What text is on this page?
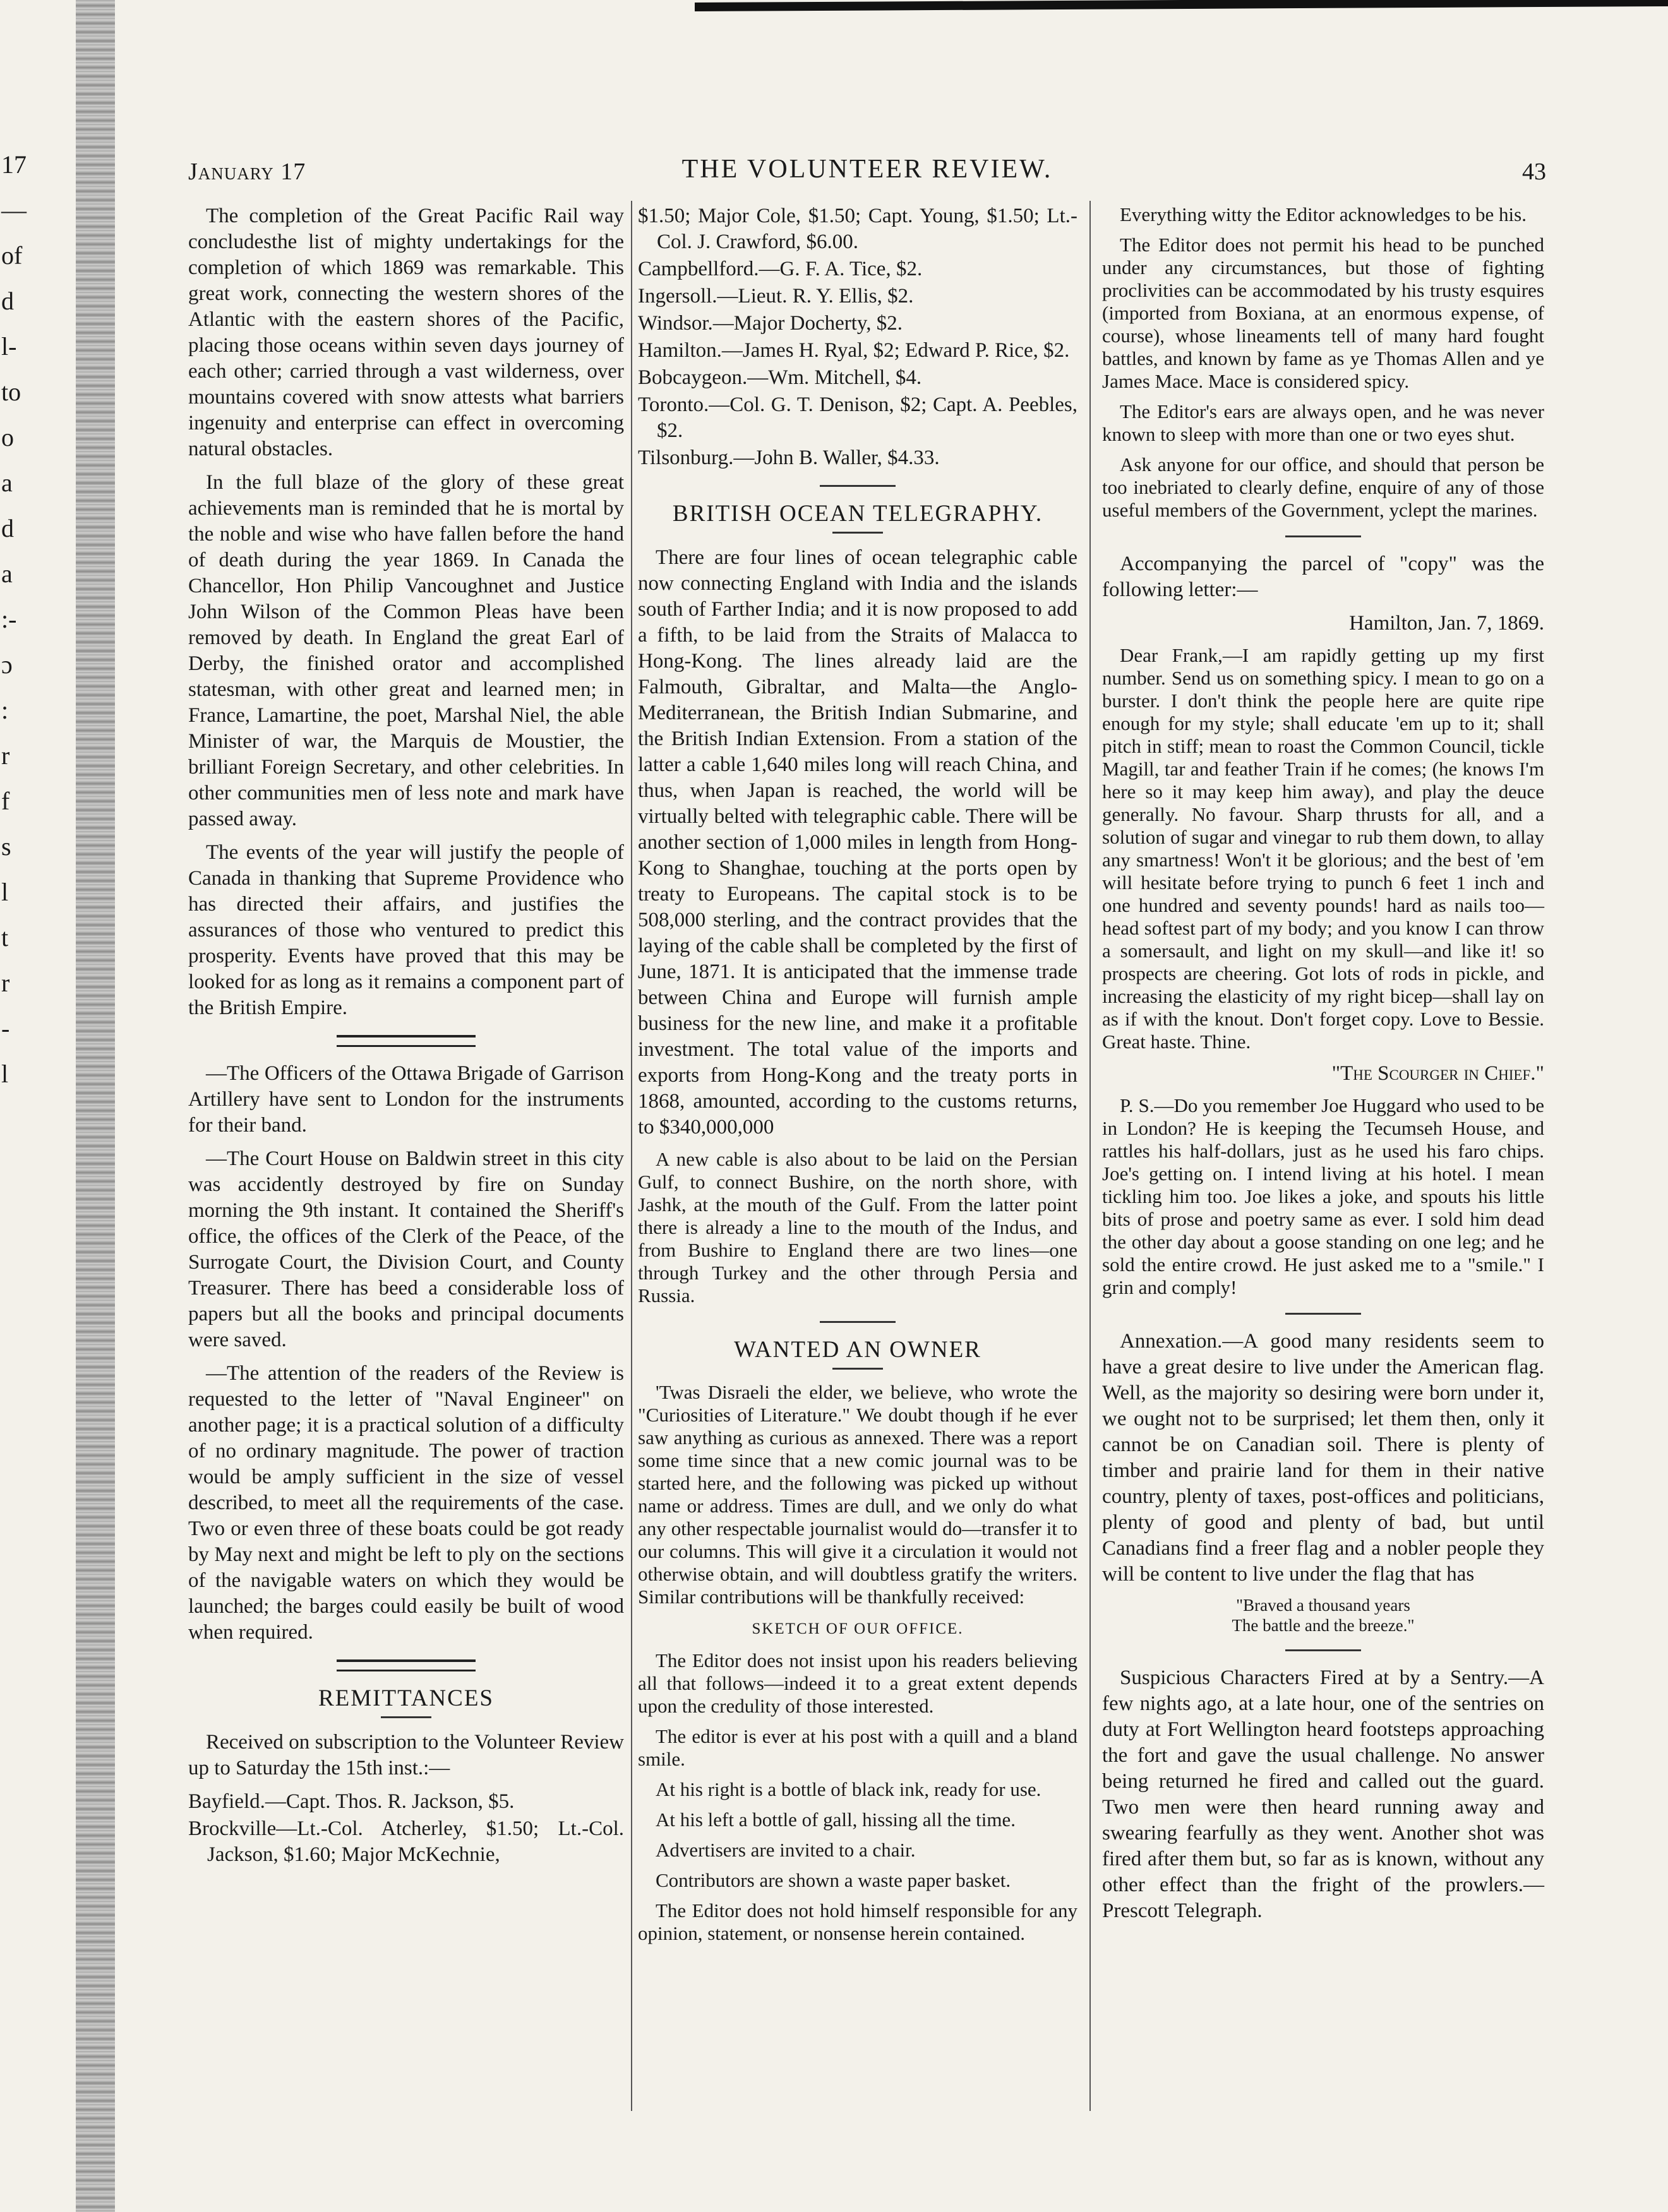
17
—
of
d
l-
to
o
a
d
a
:-
ɔ
:
r
f
s
l
t
r
-
l
January 17	THE VOLUNTEER REVIEW.	43

The completion of the Great Pacific Rail way concludesthe list of mighty undertakings for the completion of which 1869 was remarkable. This great work, connecting the western shores of the Atlantic with the eastern shores of the Pacific, placing those oceans within seven days journey of each other; carried through a vast wilderness, over mountains covered with snow attests what barriers ingenuity and enterprise can effect in overcoming natural obstacles.

In the full blaze of the glory of these great achievements man is reminded that he is mortal by the noble and wise who have fallen before the hand of death during the year 1869. In Canada the Chancellor, Hon Philip Vancoughnet and Justice John Wilson of the Common Pleas have been removed by death. In England the great Earl of Derby, the finished orator and accomplished statesman, with other great and learned men; in France, Lamartine, the poet, Marshal Niel, the able Minister of war, the Marquis de Moustier, the brilliant Foreign Secretary, and other celebrities. In other communities men of less note and mark have passed away.

The events of the year will justify the people of Canada in thanking that Supreme Providence who has directed their affairs, and justifies the assurances of those who ventured to predict this prosperity. Events have proved that this may be looked for as long as it remains a component part of the British Empire.

—The Officers of the Ottawa Brigade of Garrison Artillery have sent to London for the instruments for their band.

—The Court House on Baldwin street in this city was accidently destroyed by fire on Sunday morning the 9th instant. It contained the Sheriff's office, the offices of the Clerk of the Peace, of the Surrogate Court, the Division Court, and County Treasurer. There has beed a considerable loss of papers but all the books and principal documents were saved.

—The attention of the readers of the Review is requested to the letter of "Naval Engineer" on another page; it is a practical solution of a difficulty of no ordinary magnitude. The power of traction would be amply sufficient in the size of vessel described, to meet all the requirements of the case. Two or even three of these boats could be got ready by May next and might be left to ply on the sections of the navigable waters on which they would be launched; the barges could easily be built of wood when required.

REMITTANCES

Received on subscription to the Volunteer Review up to Saturday the 15th inst.:—

Bayfield.—Capt. Thos. R. Jackson, $5.

Brockville—Lt.-Col. Atcherley, $1.50; Lt.-Col. Jackson, $1.60; Major McKechnie,

$1.50; Major Cole, $1.50; Capt. Young, $1.50; Lt.-Col. J. Crawford, $6.00.

Campbellford.—G. F. A. Tice, $2.

Ingersoll.—Lieut. R. Y. Ellis, $2.

Windsor.—Major Docherty, $2.

Hamilton.—James H. Ryal, $2; Edward P. Rice, $2.

Bobcaygeon.—Wm. Mitchell, $4.

Toronto.—Col. G. T. Denison, $2; Capt. A. Peebles, $2.

Tilsonburg.—John B. Waller, $4.33.

BRITISH OCEAN TELEGRAPHY.

There are four lines of ocean telegraphic cable now connecting England with India and the islands south of Farther India; and it is now proposed to add a fifth, to be laid from the Straits of Malacca to Hong-Kong. The lines already laid are the Falmouth, Gibraltar, and Malta—the Anglo-Mediterranean, the British Indian Submarine, and the British Indian Extension. From a station of the latter a cable 1,640 miles long will reach China, and thus, when Japan is reached, the world will be virtually belted with telegraphic cable. There will be another section of 1,000 miles in length from Hong-Kong to Shanghae, touching at the ports open by treaty to Europeans. The capital stock is to be 508,000 sterling, and the contract provides that the laying of the cable shall be completed by the first of June, 1871. It is anticipated that the immense trade between China and Europe will furnish ample business for the new line, and make it a profitable investment. The total value of the imports and exports from Hong-Kong and the treaty ports in 1868, amounted, according to the customs returns, to $340,000,000

A new cable is also about to be laid on the Persian Gulf, to connect Bushire, on the north shore, with Jashk, at the mouth of the Gulf. From the latter point there is already a line to the mouth of the Indus, and from Bushire to England there are two lines—one through Turkey and the other through Persia and Russia.

WANTED AN OWNER

'Twas Disraeli the elder, we believe, who wrote the "Curiosities of Literature." We doubt though if he ever saw anything as curious as annexed. There was a report some time since that a new comic journal was to be started here, and the following was picked up without name or address. Times are dull, and we only do what any other respectable journalist would do—transfer it to our columns. This will give it a circulation it would not otherwise obtain, and will doubtless gratify the writers. Similar contributions will be thankfully received:

SKETCH OF OUR OFFICE.

The Editor does not insist upon his readers believing all that follows—indeed it to a great extent depends upon the credulity of those interested.

The editor is ever at his post with a quill and a bland smile.

At his right is a bottle of black ink, ready for use.

At his left a bottle of gall, hissing all the time.

Advertisers are invited to a chair.

Contributors are shown a waste paper basket.

The Editor does not hold himself responsible for any opinion, statement, or nonsense herein contained.

Everything witty the Editor acknowledges to be his.

The Editor does not permit his head to be punched under any circumstances, but those of fighting proclivities can be accommodated by his trusty esquires (imported from Boxiana, at an enormous expense, of course), whose lineaments tell of many hard fought battles, and known by fame as ye Thomas Allen and ye James Mace. Mace is considered spicy.

The Editor's ears are always open, and he was never known to sleep with more than one or two eyes shut.

Ask anyone for our office, and should that person be too inebriated to clearly define, enquire of any of those useful members of the Government, yclept the marines.

Accompanying the parcel of "copy" was the following letter:—

Hamilton, Jan. 7, 1869.

Dear Frank,—I am rapidly getting up my first number. Send us on something spicy. I mean to go on a burster. I don't think the people here are quite ripe enough for my style; shall educate 'em up to it; shall pitch in stiff; mean to roast the Common Council, tickle Magill, tar and feather Train if he comes; (he knows I'm here so it may keep him away), and play the deuce generally. No favour. Sharp thrusts for all, and a solution of sugar and vinegar to rub them down, to allay any smartness! Won't it be glorious; and the best of 'em will hesitate before trying to punch 6 feet 1 inch and one hundred and seventy pounds! hard as nails too—head softest part of my body; and you know I can throw a somersault, and light on my skull—and like it! so prospects are cheering. Got lots of rods in pickle, and increasing the elasticity of my right bicep—shall lay on as if with the knout. Don't forget copy. Love to Bessie. Great haste. Thine.

"The Scourger in Chief."

P. S.—Do you remember Joe Huggard who used to be in London? He is keeping the Tecumseh House, and rattles his half-dollars, just as he used his faro chips. Joe's getting on. I intend living at his hotel. I mean tickling him too. Joe likes a joke, and spouts his little bits of prose and poetry same as ever. I sold him dead the other day about a goose standing on one leg; and he sold the entire crowd. He just asked me to a "smile." I grin and comply!

Annexation.—A good many residents seem to have a great desire to live under the American flag. Well, as the majority so desiring were born under it, we ought not to be surprised; let them then, only it cannot be on Canadian soil. There is plenty of timber and prairie land for them in their native country, plenty of taxes, post-offices and politicians, plenty of good and plenty of bad, but until Canadians find a freer flag and a nobler people they will be content to live under the flag that has

"Braved a thousand years
The battle and the breeze."

Suspicious Characters Fired at by a Sentry.—A few nights ago, at a late hour, one of the sentries on duty at Fort Wellington heard footsteps approaching the fort and gave the usual challenge. No answer being returned he fired and called out the guard. Two men were then heard running away and swearing fearfully as they went. Another shot was fired after them but, so far as is known, without any other effect than the fright of the prowlers.—Prescott Telegraph.
